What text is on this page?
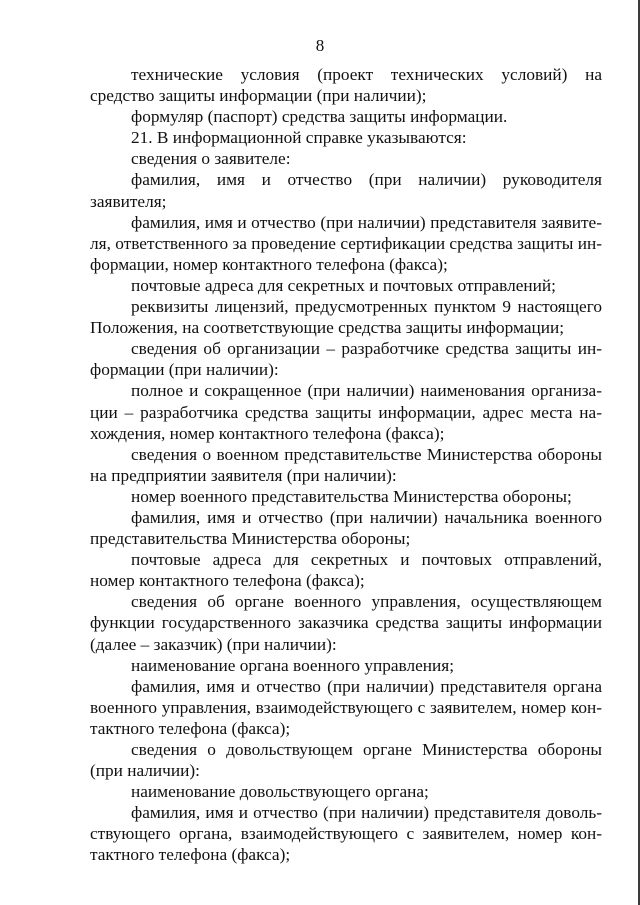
8

технические условия (проект технических условий) на средство защиты информации (при наличии);

формуляр (паспорт) средства защиты информации.

21. В информационной справке указываются:

сведения о заявителе:

фамилия, имя и отчество (при наличии) руководителя заявителя;

фамилия, имя и отчество (при наличии) представителя заявителя, ответственного за проведение сертификации средства защиты информации, номер контактного телефона (факса);

почтовые адреса для секретных и почтовых отправлений;

реквизиты лицензий, предусмотренных пунктом 9 настоящего Положения, на соответствующие средства защиты информации;

сведения об организации – разработчике средства защиты информации (при наличии):

полное и сокращенное (при наличии) наименования организации – разработчика средства защиты информации, адрес места нахождения, номер контактного телефона (факса);

сведения о военном представительстве Министерства обороны на предприятии заявителя (при наличии):

номер военного представительства Министерства обороны;

фамилия, имя и отчество (при наличии) начальника военного представительства Министерства обороны;

почтовые адреса для секретных и почтовых отправлений, номер контактного телефона (факса);

сведения об органе военного управления, осуществляющем функции государственного заказчика средства защиты информации (далее – заказчик) (при наличии):

наименование органа военного управления;

фамилия, имя и отчество (при наличии) представителя органа военного управления, взаимодействующего с заявителем, номер контактного телефона (факса);

сведения о довольствующем органе Министерства обороны (при наличии):

наименование довольствующего органа;

фамилия, имя и отчество (при наличии) представителя довольствующего органа, взаимодействующего с заявителем, номер контактного телефона (факса);
